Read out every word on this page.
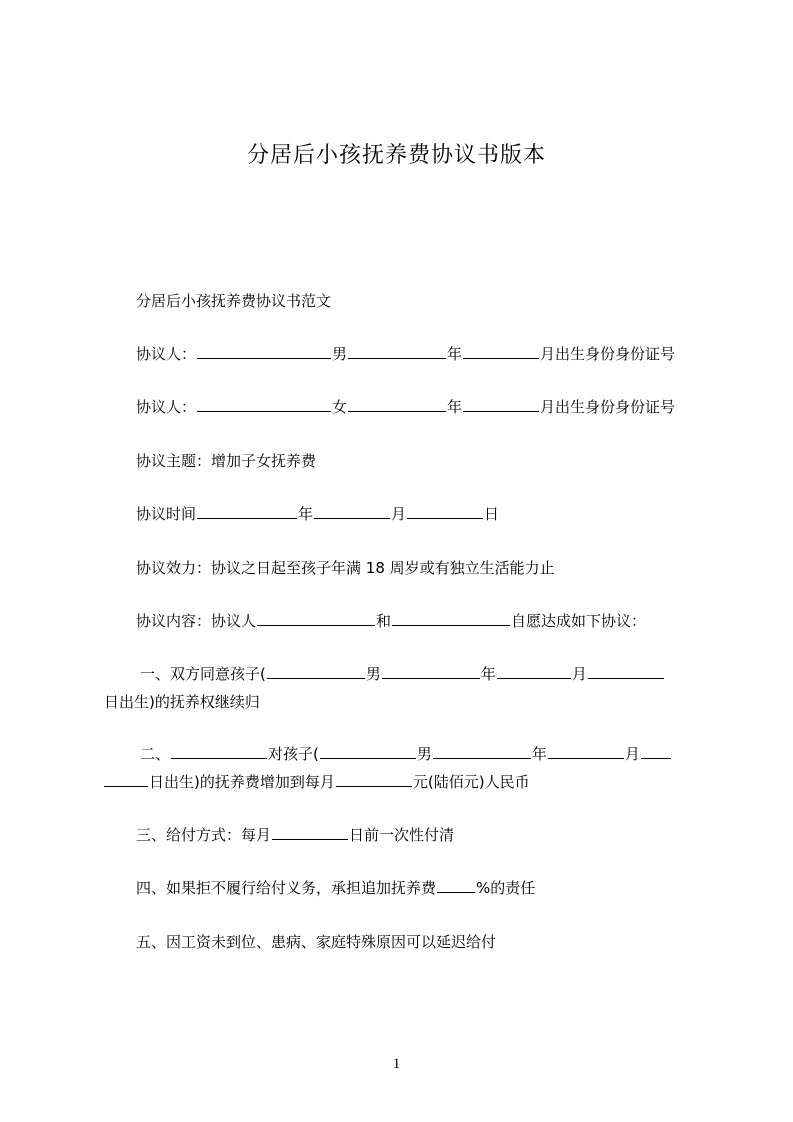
分居后小孩抚养费协议书版本
分居后小孩抚养费协议书范文
协议人：	男	年	月出生身份身份证号
协议人：	女	年	月出生身份身份证号
协议主题：增加子女抚养费
协议时间	年	月	日
协议效力：协议之日起至孩子年满 18 周岁或有独立生活能力止
协议内容：协议人	和	自愿达成如下协议：
一、双方同意孩子(	男	年	月
日出生)的抚养权继续归
二、	对孩子(	男	年	月
日出生)的抚养费增加到每月	元(陆佰元)人民币
三、给付方式：每月	日前一次性付清
四、如果拒不履行给付义务，承担追加抚养费	%的责任
五、因工资未到位、患病、家庭特殊原因可以延迟给付
1
